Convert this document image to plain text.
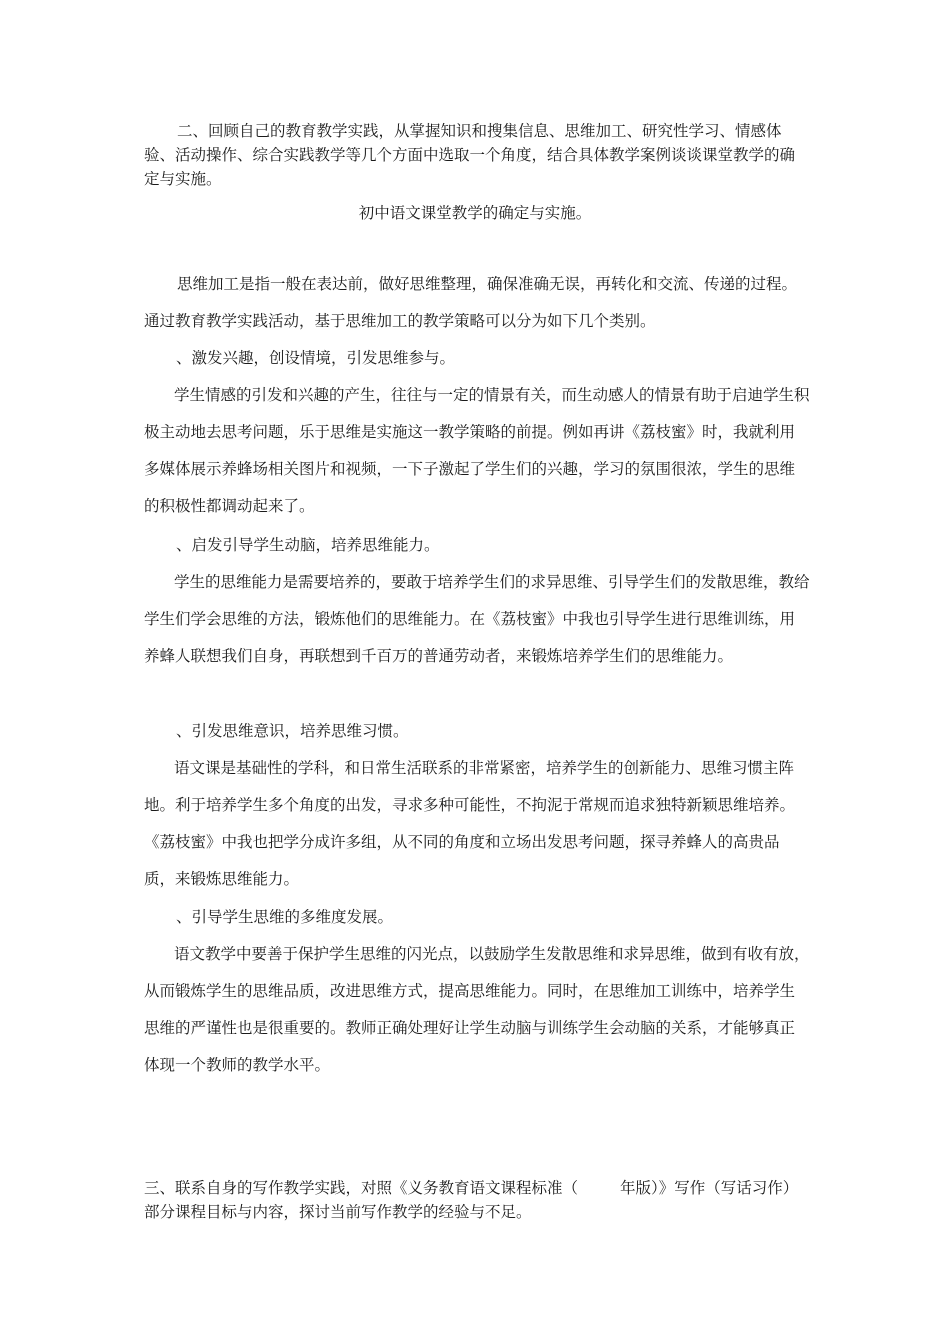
二、回顾自己的教育教学实践，从掌握知识和搜集信息、思维加工、研究性学习、情感体验、活动操作、综合实践教学等几个方面中选取一个角度，结合具体教学案例谈谈课堂教学的确定与实施。

初中语文课堂教学的确定与实施。

思维加工是指一般在表达前，做好思维整理，确保准确无误，再转化和交流、传递的过程。通过教育教学实践活动，基于思维加工的教学策略可以分为如下几个类别。

、激发兴趣，创设情境，引发思维参与。

学生情感的引发和兴趣的产生，往往与一定的情景有关，而生动感人的情景有助于启迪学生积极主动地去思考问题，乐于思维是实施这一教学策略的前提。例如再讲《荔枝蜜》时，我就利用多媒体展示养蜂场相关图片和视频，一下子激起了学生们的兴趣，学习的氛围很浓，学生的思维的积极性都调动起来了。

、启发引导学生动脑，培养思维能力。

学生的思维能力是需要培养的，要敢于培养学生们的求异思维、引导学生们的发散思维，教给学生们学会思维的方法，锻炼他们的思维能力。在《荔枝蜜》中我也引导学生进行思维训练，用养蜂人联想我们自身，再联想到千百万的普通劳动者，来锻炼培养学生们的思维能力。

、引发思维意识，培养思维习惯。

语文课是基础性的学科，和日常生活联系的非常紧密，培养学生的创新能力、思维习惯主阵地。利于培养学生多个角度的出发，寻求多种可能性，不拘泥于常规而追求独特新颖思维培养。《荔枝蜜》中我也把学分成许多组，从不同的角度和立场出发思考问题，探寻养蜂人的高贵品质，来锻炼思维能力。

、引导学生思维的多维度发展。

语文教学中要善于保护学生思维的闪光点，以鼓励学生发散思维和求异思维，做到有收有放，从而锻炼学生的思维品质，改进思维方式，提高思维能力。同时，在思维加工训练中，培养学生思维的严谨性也是很重要的。教师正确处理好让学生动脑与训练学生会动脑的关系，才能够真正体现一个教师的教学水平。

三、联系自身的写作教学实践，对照《义务教育语文课程标准（	年版）》写作（写话习作）部分课程目标与内容，探讨当前写作教学的经验与不足。
